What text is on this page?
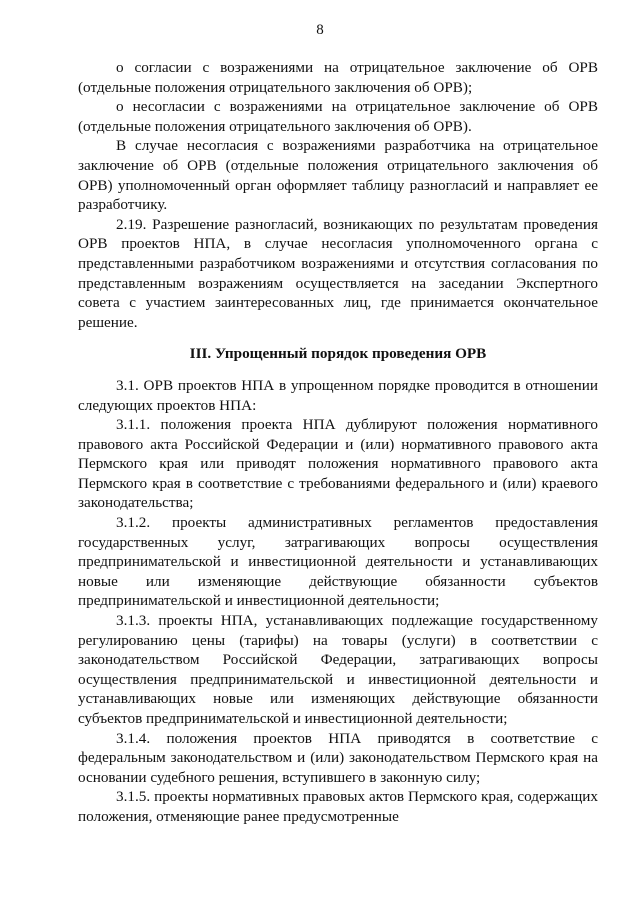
8

о согласии с возражениями на отрицательное заключение об ОРВ (отдельные положения отрицательного заключения об ОРВ);

о несогласии с возражениями на отрицательное заключение об ОРВ (отдельные положения отрицательного заключения об ОРВ).

В случае несогласия с возражениями разработчика на отрицательное заключение об ОРВ (отдельные положения отрицательного заключения об ОРВ) уполномоченный орган оформляет таблицу разногласий и направляет ее разработчику.

2.19. Разрешение разногласий, возникающих по результатам проведения ОРВ проектов НПА, в случае несогласия уполномоченного органа с представленными разработчиком возражениями и отсутствия согласования по представленным возражениям осуществляется на заседании Экспертного совета с участием заинтересованных лиц, где принимается окончательное решение.

III. Упрощенный порядок проведения ОРВ

3.1. ОРВ проектов НПА в упрощенном порядке проводится в отношении следующих проектов НПА:

3.1.1. положения проекта НПА дублируют положения нормативного правового акта Российской Федерации и (или) нормативного правового акта Пермского края или приводят положения нормативного правового акта Пермского края в соответствие с требованиями федерального и (или) краевого законодательства;

3.1.2. проекты административных регламентов предоставления государственных услуг, затрагивающих вопросы осуществления предпринимательской и инвестиционной деятельности и устанавливающих новые или изменяющие действующие обязанности субъектов предпринимательской и инвестиционной деятельности;

3.1.3. проекты НПА, устанавливающих подлежащие государственному регулированию цены (тарифы) на товары (услуги) в соответствии с законодательством Российской Федерации, затрагивающих вопросы осуществления предпринимательской и инвестиционной деятельности и устанавливающих новые или изменяющих действующие обязанности субъектов предпринимательской и инвестиционной деятельности;

3.1.4. положения проектов НПА приводятся в соответствие с федеральным законодательством и (или) законодательством Пермского края на основании судебного решения, вступившего в законную силу;

3.1.5. проекты нормативных правовых актов Пермского края, содержащих положения, отменяющие ранее предусмотренные
